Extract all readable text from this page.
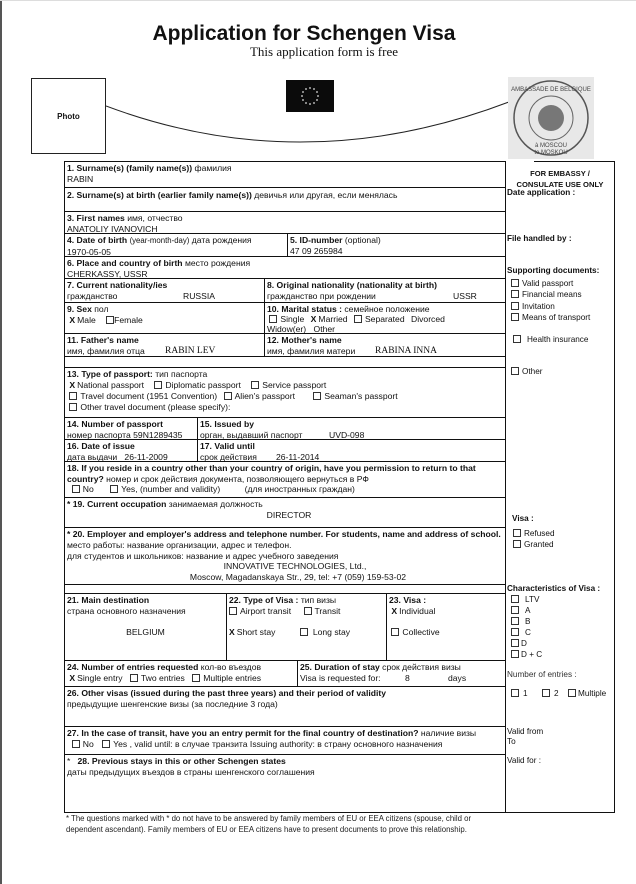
Application for Schengen Visa
This application form is free
Photo
AMBASSADE DE BELGIQUE
à MOSCOU
te MOSKOU
1. Surname(s) (family name(s)) фамилия
RABIN
2. Surname(s) at birth (earlier family name(s)) девичья или другая, если менялась
3. First names имя, отчество
ANATOLIY IVANOVICH
4. Date of birth (year-month-day) дата рождения
1970-05-05
5. ID-number (optional)
47 09 265984
6. Place and country of birth место рождения
CHERKASSY, USSR
7. Current nationality/ies
гражданство	RUSSIA
8. Original nationality (nationality at birth)
гражданство при рождении	USSR
9. Sex пол
X Male Female
10. Marital status : семейное положение
Single X Married Separated Divorced
Widow(er) Other
11. Father's name
имя, фамилия отца RABIN LEV
12. Mother's name
имя, фамилия матери RABINA INNA
13. Type of passport: тип паспорта
X National passport Diplomatic passport Service passport
Travel document (1951 Convention) Alien's passport	Seaman's passport
Other travel document (please specify):
14. Number of passport
номер паспорта 59N1289435
15. Issued by
орган, выдавший паспорт	UVD-098
16. Date of issue
дата выдачи 26-11-2009
17. Valid until
срок действия 26-11-2014
18. If you reside in a country other than your country of origin, have you permission to return to that
country? номер и срок действия документа, позволяющего вернуться в РФ
No	Yes, (number and validity)	(для иностранных граждан)
* 19. Current occupation занимаемая должность

DIRECTOR
* 20. Employer and employer's address and telephone number. For students, name and address of school.
место работы: название организации, адрес и телефон.
для студентов и школьников: название и адрес учебного заведения

INNOVATIVE TECHNOLOGIES, Ltd.,
Moscow, Magadanskaya Str., 29, tel: +7 (059) 159-53-02
21. Main destination
страна основного назначения

BELGIUM
22. Type of Visa : тип визы
Airport transit	Transit
X Short stay	Long stay
23. Visa :
X Individual
Collective
24. Number of entries requested кол-во въездов
X Single entry Two entries Multiple entries
25. Duration of stay срок действия визы
Visa is requested for:	8	days
26. Other visas (issued during the past three years) and their period of validity
предыдущие шенгенские визы (за последние 3 года)
27. In the case of transit, have you an entry permit for the final country of destination? наличие визы
No Yes , valid until: в случае транзита Issuing authority: в страну основного назначения
* 28. Previous stays in this or other Schengen states
даты предыдущих въездов в страны шенгенского соглашения
FOR EMBASSY /
CONSULATE USE ONLY
Date application :
File handled by :
Supporting documents:
Valid passport
Financial means
Invitation
Means of transport
Health insurance
Other
Visa :
Refused
Granted
Characteristics of Visa :
LTV
A
B
C
D
D + C
Number of entries :
1	2	Multiple
Valid from
To
Valid for :
* The questions marked with * do not have to be answered by family members of EU or EEA citizens (spouse, child or
dependent ascendant). Family members of EU or EEA citizens have to present documents to prove this relationship.
